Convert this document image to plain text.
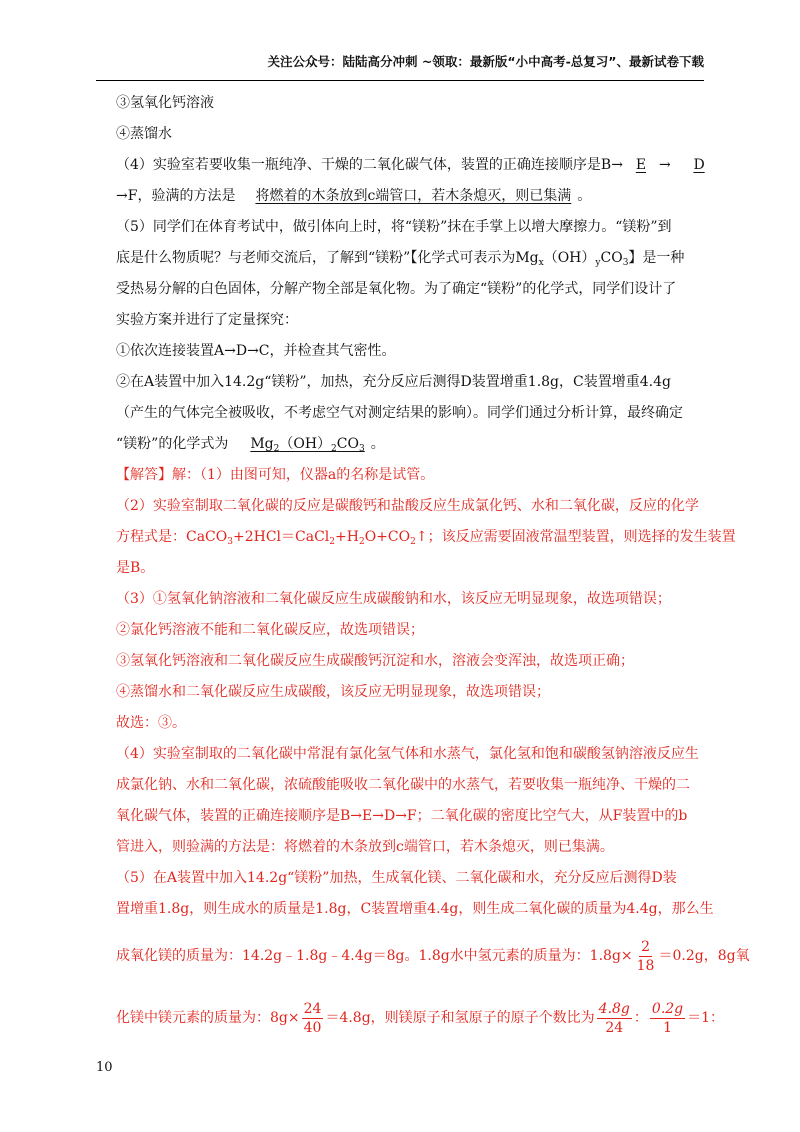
关注公众号：陆陆高分冲刺 ~领取：最新版“小中高考-总复习”、最新试卷下载
③氢氧化钙溶液
④蒸馏水
（4）实验室若要收集一瓶纯净、干燥的二氧化碳气体，装置的正确连接顺序是B→ E → D
→F，验满的方法是 将燃着的木条放到c端管口，若木条熄灭，则已集满 。
（5）同学们在体育考试中，做引体向上时，将“镁粉”抹在手掌上以增大摩擦力。“镁粉”到
底是什么物质呢？与老师交流后，了解到“镁粉”【化学式可表示为$Mg_x(OH)_yCO_3$】是一种
受热易分解的白色固体，分解产物全部是氧化物。为了确定“镁粉”的化学式，同学们设计了
实验方案并进行了定量探究：
①依次连接装置A→D→C，并检查其气密性。
②在A装置中加入14.2g“镁粉”，加热，充分反应后测得D装置增重1.8g，C装置增重4.4g
（产生的气体完全被吸收，不考虑空气对测定结果的影响）。同学们通过分析计算，最终确定
“镁粉”的化学式为 $Mg_2(OH)_2CO_3$ 。
【解答】解：（1）由图可知，仪器a的名称是试管。
（2）实验室制取二氧化碳的反应是碳酸钙和盐酸反应生成氯化钙、水和二氧化碳，反应的化学
方程式是：$CaCO_3+2HCl=CaCl_2+H_2O+CO_2↑$；该反应需要固液常温型装置，则选择的发生装置
是B。
（3）①氢氧化钠溶液和二氧化碳反应生成碳酸钠和水，该反应无明显现象，故选项错误；
②氯化钙溶液不能和二氧化碳反应，故选项错误；
③氢氧化钙溶液和二氧化碳反应生成碳酸钙沉淀和水，溶液会变浑浊，故选项正确；
④蒸馏水和二氧化碳反应生成碳酸，该反应无明显现象，故选项错误；
故选：③。
（4）实验室制取的二氧化碳中常混有氯化氢气体和水蒸气，氯化氢和饱和碳酸氢钠溶液反应生
成氯化钠、水和二氧化碳，浓硫酸能吸收二氧化碳中的水蒸气，若要收集一瓶纯净、干燥的二
氧化碳气体，装置的正确连接顺序是B→E→D→F；二氧化碳的密度比空气大，从F装置中的b
管进入，则验满的方法是：将燃着的木条放到c端管口，若木条熄灭，则已集满。
（5）在A装置中加入14.2g“镁粉”加热，生成氧化镁、二氧化碳和水，充分反应后测得D装
置增重1.8g，则生成水的质量是1.8g，C装置增重4.4g，则生成二氧化碳的质量为4.4g，那么生
成氧化镁的质量为：14.2g﹣1.8g﹣4.4g＝8g。1.8g水中氢元素的质量为：$1.8g\times \frac{2}{18} =0.2g$，8g氧
化镁中镁元素的质量为：$8g\times \frac{24}{40} =4.8g$，则镁原子和氢原子的原子个数比为 $\frac{4.8g}{24}$ ： $\frac{0.2g}{1} =1$：
10
